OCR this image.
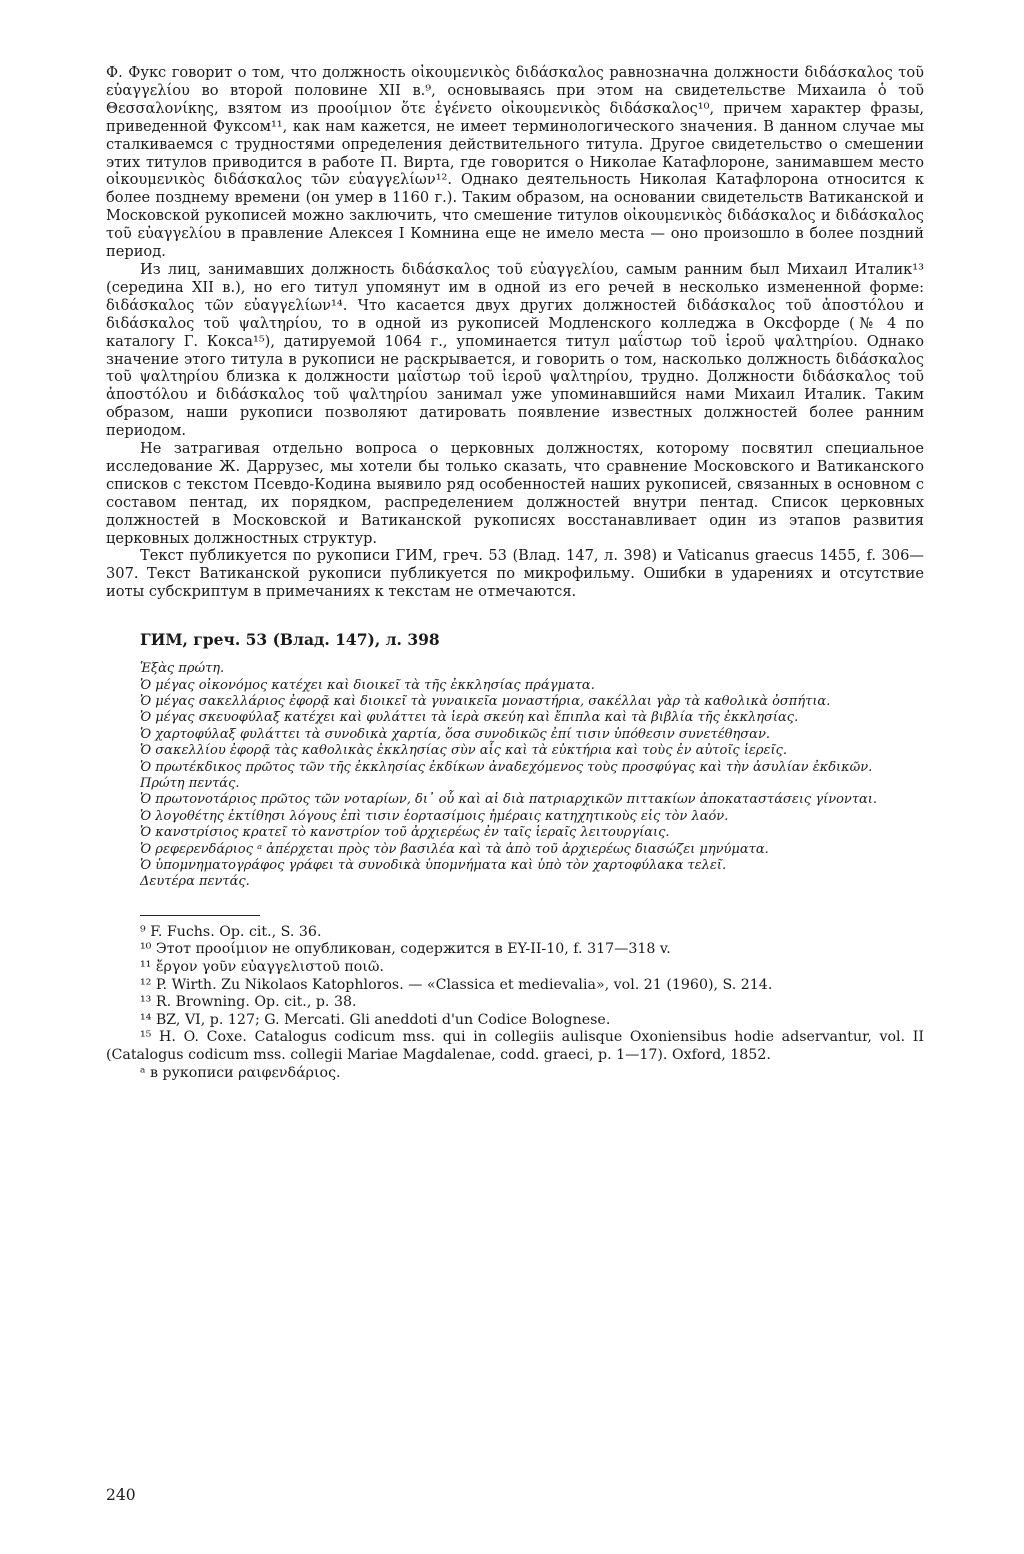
Ф. Фукс говорит о том, что должность οἰκουμενικὸς διδάσκαλος равнозначна должности διδάσκαλος τοῦ εὐαγγελίου во второй половине XII в.⁹, основываясь при этом на свидетельстве Михаила ὁ τοῦ Θεσσαλονίκης, взятом из προοίμιον ὅτε ἐγένετο οἰκουμενικὸς διδάσκαλος¹⁰, причем характер фразы, приведенной Фуксом¹¹, как нам кажется, не имеет терминологического значения. В данном случае мы сталкиваемся с трудностями определения действительного титула. Другое свидетельство о смешении этих титулов приводится в работе П. Вирта, где говорится о Николае Катафлороне, занимавшем место οἰκουμενικὸς διδάσκαλος τῶν εὐαγγελίων¹². Однако деятельность Николая Катафлорона относится к более позднему времени (он умер в 1160 г.). Таким образом, на основании свидетельств Ватиканской и Московской рукописей можно заключить, что смешение титулов οἰκουμενικὸς διδάσκαλος и διδάσκαλος τοῦ εὐαγγελίου в правление Алексея I Комнина еще не имело места — оно произошло в более поздний период.

Из лиц, занимавших должность διδάσκαλος τοῦ εὐαγγελίου, самым ранним был Михаил Италик¹³ (середина XII в.), но его титул упомянут им в одной из его речей в несколько измененной форме: διδάσκαλος τῶν εὐαγγελίων¹⁴. Что касается двух других должностей διδάσκαλος τοῦ ἀποστόλου и διδάσκαλος τοῦ ψαλτηρίου, то в одной из рукописей Модленского колледжа в Оксфорде (№ 4 по каталогу Г. Кокса¹⁵), датируемой 1064 г., упоминается титул μαΐστωρ τοῦ ἱεροῦ ψαλτηρίου. Однако значение этого титула в рукописи не раскрывается, и говорить о том, насколько должность διδάσκαλος τοῦ ψαλτηρίου близка к должности μαΐστωρ τοῦ ἱεροῦ ψαλτηρίου, трудно. Должности διδάσκαλος τοῦ ἀποστόλου и διδάσκαλος τοῦ ψαλτηρίου занимал уже упоминавшийся нами Михаил Италик. Таким образом, наши рукописи позволяют датировать появление известных должностей более ранним периодом.

Не затрагивая отдельно вопроса о церковных должностях, которому посвятил специальное исследование Ж. Даррузес, мы хотели бы только сказать, что сравнение Московского и Ватиканского списков с текстом Псевдо-Кодина выявило ряд особенностей наших рукописей, связанных в основном с составом пентад, их порядком, распределением должностей внутри пентад. Список церковных должностей в Московской и Ватиканской рукописях восстанавливает один из этапов развития церковных должностных структур.

Текст публикуется по рукописи ГИМ, греч. 53 (Влад. 147, л. 398) и Vaticanus graecus 1455, f. 306—307. Текст Ватиканской рукописи публикуется по микрофильму. Ошибки в ударениях и отсутствие иоты субскриптум в примечаниях к текстам не отмечаются.

ГИМ, греч. 53 (Влад. 147), л. 398

Ἑξὰς πρώτη.

Ὁ μέγας οἰκονόμος κατέχει καὶ διοικεῖ τὰ τῆς ἐκκλησίας πράγματα.

Ὁ μέγας σακελλάριος ἐφορᾷ καὶ διοικεῖ τὰ γυναικεῖα μοναστήρια, σακέλλαι γὰρ τὰ καθολικὰ ὀσπήτια.

Ὁ μέγας σκευοφύλαξ κατέχει καὶ φυλάττει τὰ ἱερὰ σκεύη καὶ ἔπιπλα καὶ τὰ βιβλία τῆς ἐκκλησίας.

Ὁ χαρτοφύλαξ φυλάττει τὰ συνοδικὰ χαρτία, ὅσα συνοδικῶς ἐπί τισιν ὑπόθεσιν συνετέθησαν.

Ὁ σακελλίου ἐφορᾷ τὰς καθολικὰς ἐκκλησίας σὺν αἷς καὶ τὰ εὐκτήρια καὶ τοὺς ἐν αὐτοῖς ἱερεῖς.

Ὁ πρωτέκδικος πρῶτος τῶν τῆς ἐκκλησίας ἐκδίκων ἀναδεχόμενος τοὺς προσφύγας καὶ τὴν ἀσυλίαν ἐκδικῶν.

Πρώτη πεντάς.

Ὁ πρωτονοτάριος πρῶτος τῶν νοταρίων, δι᾽ οὗ καὶ αἱ διὰ πατριαρχικῶν πιττακίων ἀποκαταστάσεις γίνονται.

Ὁ λογοθέτης ἐκτίθησι λόγους ἐπὶ τισιν ἑορτασίμοις ἡμέραις κατηχητικοὺς εἰς τὸν λαόν.

Ὁ κανστρίσιος κρατεῖ τὸ κανστρίον τοῦ ἀρχιερέως ἐν ταῖς ἱεραῖς λειτουργίαις.

Ὁ ρεφερενδάριος ᵃ ἀπέρχεται πρὸς τὸν βασιλέα καὶ τὰ ἀπὸ τοῦ ἀρχιερέως διασώζει μηνύματα.

Ὁ ὑπομνηματογράφος γράφει τὰ συνοδικὰ ὑπομνήματα καὶ ὑπὸ τὸν χαρτοφύλακα τελεῖ.

Δευτέρα πεντάς.

⁹ F. Fuchs. Op. cit., S. 36.

¹⁰ Этот προοίμιον не опубликован, содержится в EY-II-10, f. 317—318 v.

¹¹ ἔργον γοῦν εὐαγγελιστοῦ ποιῶ.

¹² P. Wirth. Zu Nikolaos Katophloros. — «Classica et medievalia», vol. 21 (1960), S. 214.

¹³ R. Browning. Op. cit., p. 38.

¹⁴ BZ, VI, p. 127; G. Mercati. Gli aneddoti d'un Codice Bolognese.

¹⁵ H. O. Coxe. Catalogus codicum mss. qui in collegiis aulisque Oxoniensibus hodie adservantur, vol. II (Catalogus codicum mss. collegii Mariae Magdalenae, codd. graeci, p. 1—17). Oxford, 1852.

ᵃ в рукописи ραιφενδάριος.

240
